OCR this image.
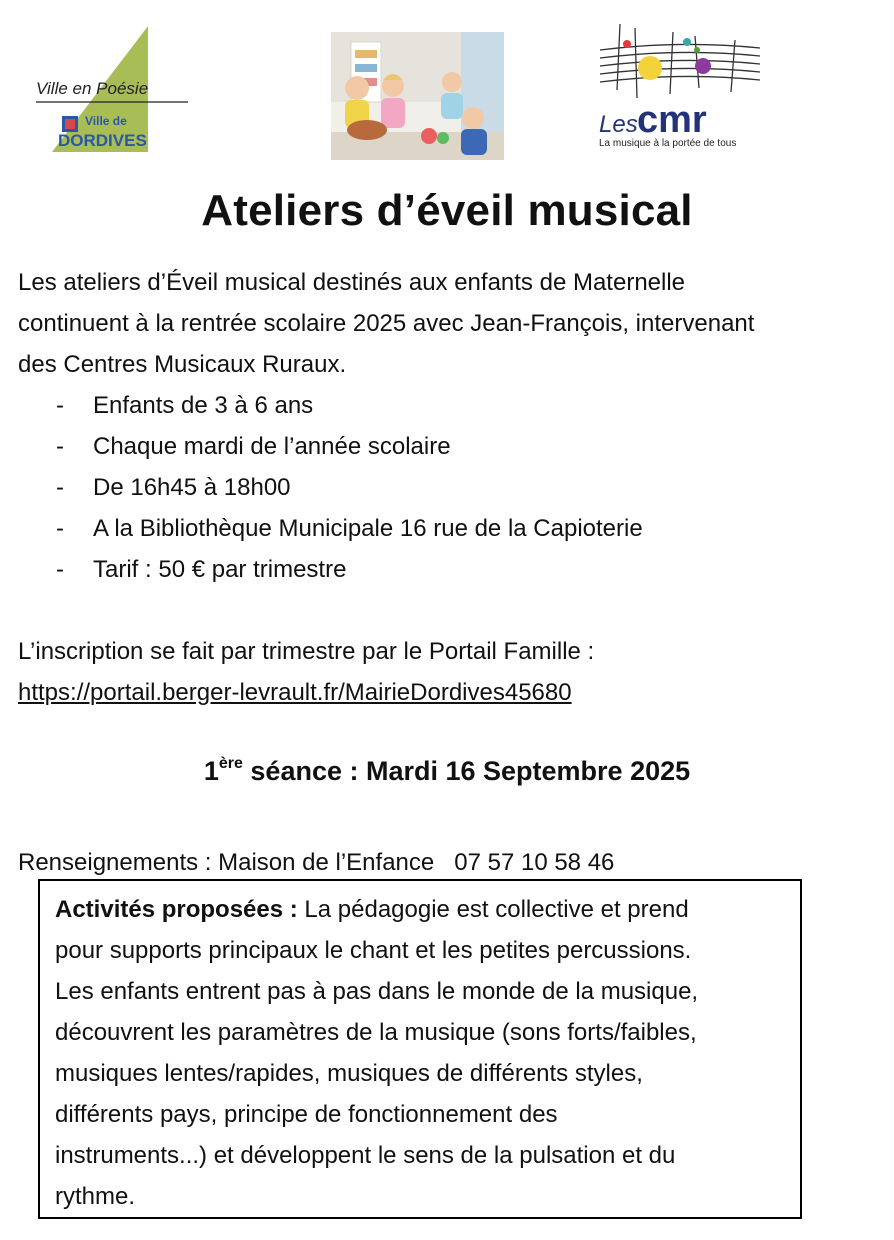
Ville en Poésie
Ville de
DORDIVES
Les cmr
La musique à la portée de tous
Ateliers d’éveil musical

Les ateliers d’Éveil musical destinés aux enfants de Maternelle

continuent à la rentrée scolaire 2025 avec Jean-François, intervenant

des Centres Musicaux Ruraux.

- Enfants de 3 à 6 ans
- Chaque mardi de l’année scolaire
- De 16h45 à 18h00
- A la Bibliothèque Municipale 16 rue de la Capioterie
- Tarif : 50 € par trimestre

L’inscription se fait par trimestre par le Portail Famille :

https://portail.berger-levrault.fr/MairieDordives45680

1ère séance : Mardi 16 Septembre 2025
Renseignements : Maison de l’Enfance   07 57 10 58 46
Activités proposées : La pédagogie est collective et prend
pour supports principaux le chant et les petites percussions.
Les enfants entrent pas à pas dans le monde de la musique,
découvrent les paramètres de la musique (sons forts/faibles,
musiques lentes/rapides, musiques de différents styles,
différents pays, principe de fonctionnement des
instruments...) et développent le sens de la pulsation et du
rythme.
